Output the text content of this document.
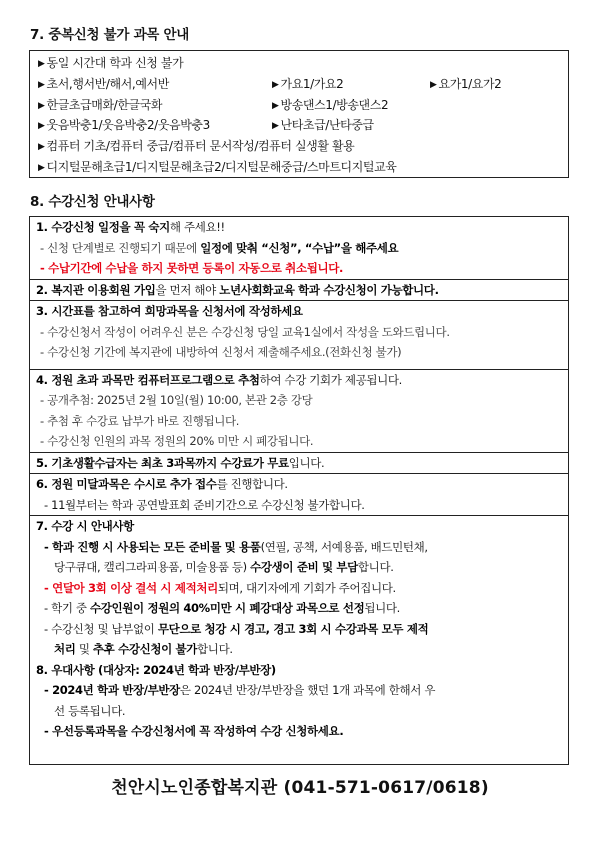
7. 중복신청 불가 과목 안내
▶ 동일 시간대 학과 신청 불가
▶ 초서,행서반/해서,예서반	▶ 가요1/가요2	▶ 요가1/요가2
▶ 한글초급매화/한글국화	▶ 방송댄스1/방송댄스2
▶ 웃음박충1/웃음박충2/웃음박충3	▶ 난타초급/난타중급
▶ 컴퓨터 기초/컴퓨터 중급/컴퓨터 문서작성/컴퓨터 실생활 활용
▶ 디지털문해초급1/디지털문해초급2/디지털문해중급/스마트디지털교육
8. 수강신청 안내사항
1. 수강신청 일정을 꼭 숙지해 주세요!!
- 신청 단계별로 진행되기 때문에 일정에 맞춰 “신청”, “수납”을 해주세요
- 수납기간에 수납을 하지 못하면 등록이 자동으로 취소됩니다.
2. 복지관 이용회원 가입을 먼저 해야 노년사회화교육 학과 수강신청이 가능합니다.
3. 시간표를 참고하여 희망과목을 신청서에 작성하세요
- 수강신청서 작성이 어려우신 분은 수강신청 당일 교육1실에서 작성을 도와드립니다.
- 수강신청 기간에 복지관에 내방하여 신청서 제출해주세요.(전화신청 불가)
4. 정원 초과 과목만 컴퓨터프로그램으로 추첨하여 수강 기회가 제공됩니다.
- 공개추첨: 2025년 2월 10일(월) 10:00, 본관 2층 강당
- 추첨 후 수강료 납부가 바로 진행됩니다.
- 수강신청 인원의 과목 정원의 20% 미만 시 폐강됩니다.
5. 기초생활수급자는 최초 3과목까지 수강료가 무료입니다.
6. 정원 미달과목은 수시로 추가 접수를 진행합니다.
- 11월부터는 학과 공연발표회 준비기간으로 수강신청 불가합니다.
7. 수강 시 안내사항
- 학과 진행 시 사용되는 모든 준비물 및 용품(연필, 공책, 서예용품, 배드민턴채,
당구큐대, 캘리그라피용품, 미술용품 등) 수강생이 준비 및 부담합니다.
- 연달아 3회 이상 결석 시 제적처리되며, 대기자에게 기회가 주어집니다.
- 학기 중 수강인원이 정원의 40%미만 시 폐강대상 과목으로 선정됩니다.
- 수강신청 및 납부없이 무단으로 청강 시 경고, 경고 3회 시 수강과목 모두 제적
처리 및 추후 수강신청이 불가합니다.
8. 우대사항 (대상자: 2024년 학과 반장/부반장)
- 2024년 학과 반장/부반장은 2024년 반장/부반장을 했던 1개 과목에 한해서 우
선 등록됩니다.
- 우선등록과목을 수강신청서에 꼭 작성하여 수강 신청하세요.
천안시노인종합복지관 (041-571-0617/0618)
